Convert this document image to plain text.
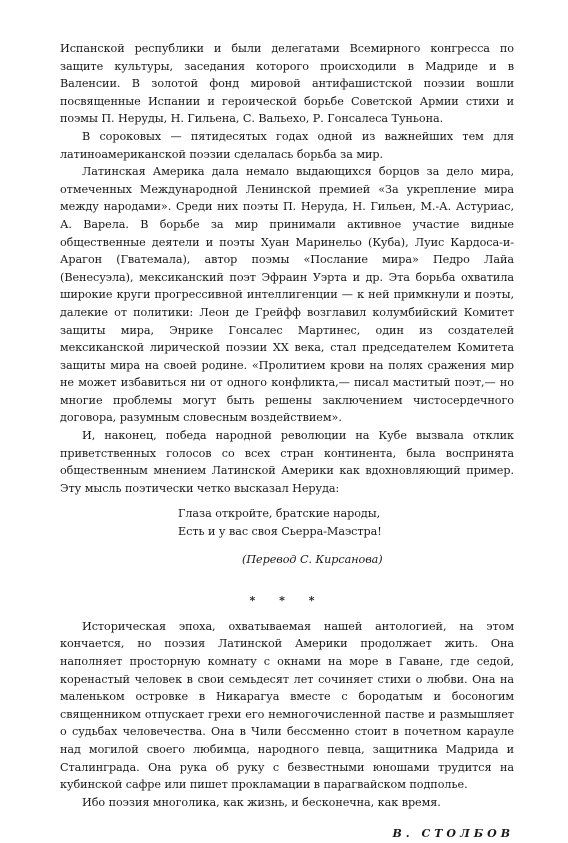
Испанской республики и были делегатами Всемирного конгресса по защите культуры, заседания которого происходили в Мадриде и в Валенсии. В золотой фонд мировой антифашистской поэзии вошли посвященные Испании и героической борьбе Советской Армии стихи и поэмы П. Неруды, Н. Гильена, С. Вальехо, Р. Гонсалеса Туньона.

В сороковых — пятидесятых годах одной из важнейших тем для латиноамериканской поэзии сделалась борьба за мир.

Латинская Америка дала немало выдающихся борцов за дело мира, отмеченных Международной Ленинской премией «За укрепление мира между народами». Среди них поэты П. Неруда, Н. Гильен, М.-А. Астуриас, А. Варела. В борьбе за мир принимали активное участие видные общественные деятели и поэты Хуан Маринельо (Куба), Луис Кардоса-и-Арагон (Гватемала), автор поэмы «Послание мира» Педро Лайа (Венесуэла), мексиканский поэт Эфраин Уэрта и др. Эта борьба охватила широкие круги прогрессивной интеллигенции — к ней примкнули и поэты, далекие от политики: Леон де Грейфф возглавил колумбийский Комитет защиты мира, Энрике Гонсалес Мартинес, один из создателей мексиканской лирической поэзии XX века, стал председателем Комитета защиты мира на своей родине. «Пролитием крови на полях сражения мир не может избавиться ни от одного конфликта,— писал маститый поэт,— но многие проблемы могут быть решены заключением чистосердечного договора, разумным словесным воздействием».

И, наконец, победа народной революции на Кубе вызвала отклик приветственных голосов со всех стран континента, была воспринята общественным мнением Латинской Америки как вдохновляющий пример. Эту мысль поэтически четко высказал Неруда:

Глаза откройте, братские народы,
Есть и у вас своя Сьерра-Маэстра!
(Перевод С. Кирсанова)
* * *

Историческая эпоха, охватываемая нашей антологией, на этом кончается, но поэзия Латинской Америки продолжает жить. Она наполняет просторную комнату с окнами на море в Гаване, где седой, коренастый человек в свои семьдесят лет сочиняет стихи о любви. Она на маленьком островке в Никарагуа вместе с бородатым и босоногим священником отпускает грехи его немногочисленной пастве и размышляет о судьбах человечества. Она в Чили бессменно стоит в почетном карауле над могилой своего любимца, народного певца, защитника Мадрида и Сталинграда. Она рука об руку с безвестными юношами трудится на кубинской сафре или пишет прокламации в парагвайском подполье.

Ибо поэзия многолика, как жизнь, и бесконечна, как время.

В. СТОЛБОВ
